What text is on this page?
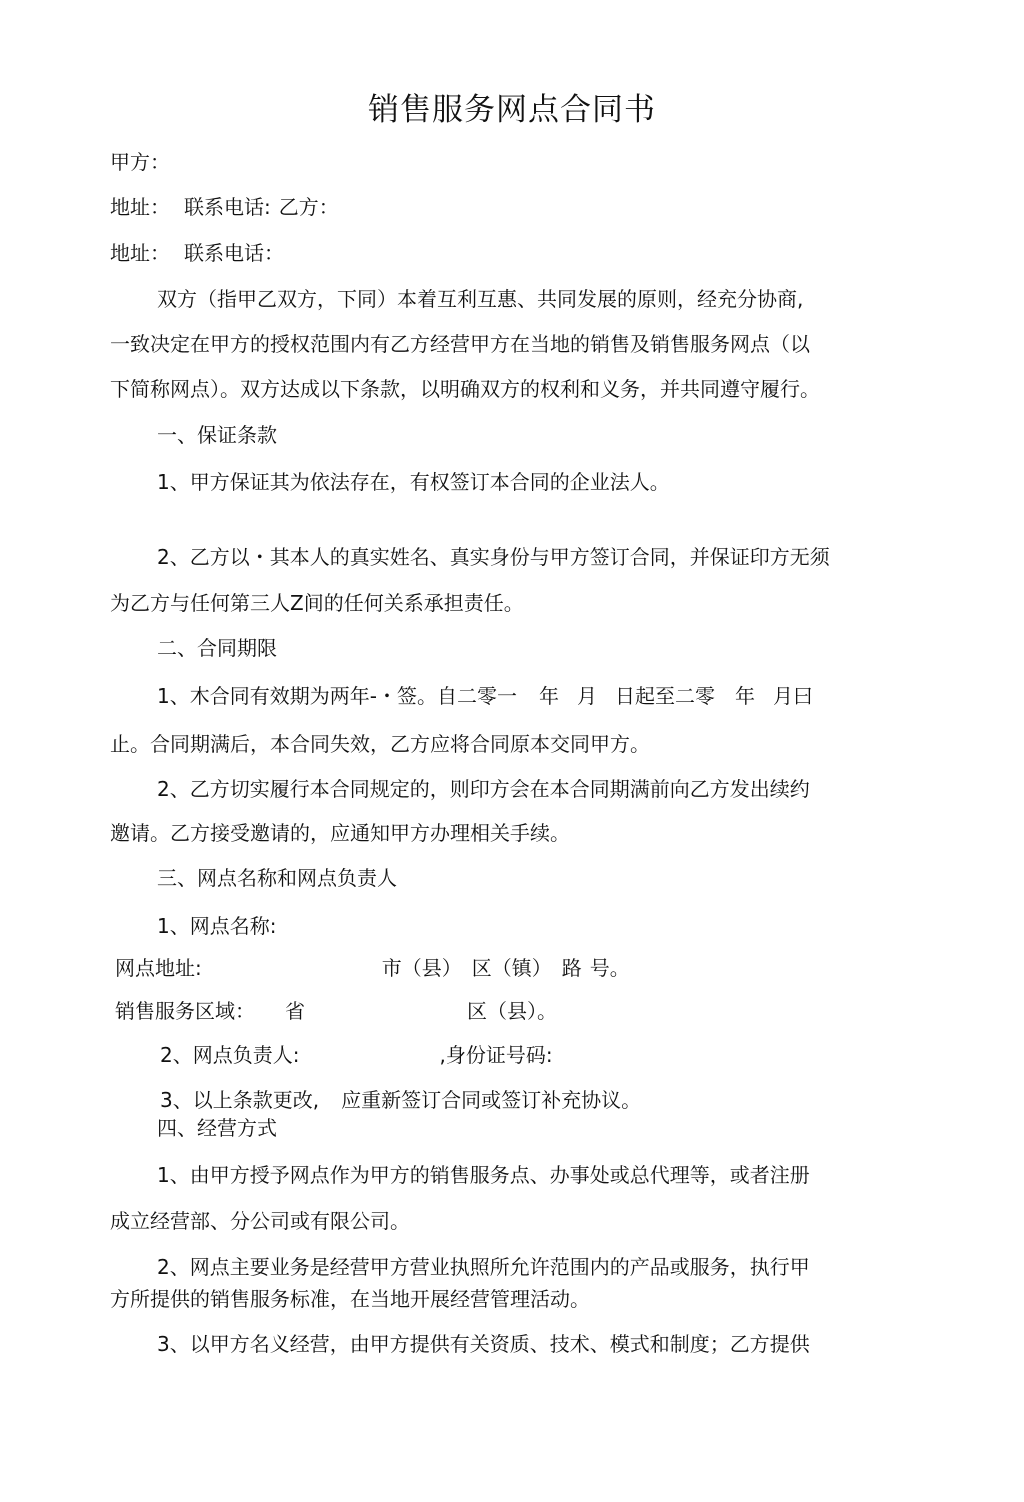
销售服务网点合同书
甲方：
地址： 联系电话: 乙方：
地址： 联系电话：
双方（指甲乙双方，下同）本着互利互惠、共同发展的原则，经充分协商,
一致决定在甲方的授权范围内有乙方经营甲方在当地的销售及销售服务网点（以
下简称网点）。双方达成以下条款，以明确双方的权利和义务，并共同遵守履行。
一、保证条款
1、甲方保证其为依法存在，有权签订本合同的企业法人。
2、乙方以・其本人的真实姓名、真实身份与甲方签订合同，并保证印方无须
为乙方与任何第三人Z间的任何关系承担责任。
二、合同期限
1、木合同有效期为两年-・签。自二零一 年 月 日起至二零 年 月曰
止。合同期满后，本合同失效，乙方应将合同原本交同甲方。
2、乙方切实履行本合同规定的，则印方会在本合同期满前向乙方发出续约
邀请。乙方接受邀请的，应通知甲方办理相关手续。
三、网点名称和网点负责人
1、网点名称:
网点地址:	市（县） 区（镇） 路 号。
销售服务区域： 省	区（县）。
2、网点负责人:	,身份证号码:
3、以上条款更改, 应重新签订合同或签订补充协议。
四、经营方式
1、由甲方授予网点作为甲方的销售服务点、办事处或总代理等，或者注册
成立经营部、分公司或有限公司。
2、网点主要业务是经营甲方营业执照所允许范围内的产品或服务，执行甲
方所提供的销售服务标准，在当地开展经营管理活动。
3、以甲方名义经营，由甲方提供有关资质、技术、模式和制度；乙方提供
